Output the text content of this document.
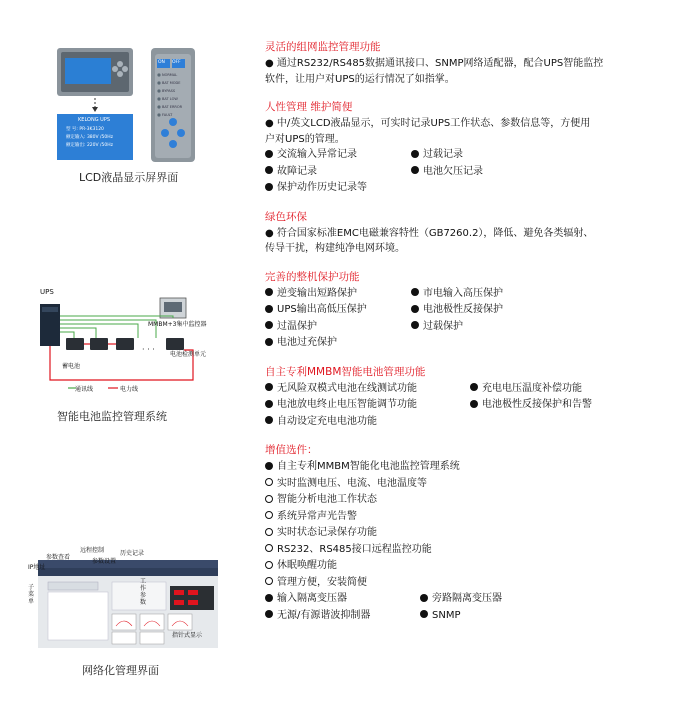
KELONG UPS
型 号: PR-3K3120
额定输入: 380V /50Hz
额定输出: 220V /50Hz
ON OFF
NORMAL
BAT MODE
BYPASS
BAT LOW
BAT ERROR
FAULT
LCD液晶显示屏界面
UPS
MMBM+3集中监控器
电池检测单元
· · ·
蓄电池
通讯线	电力线
智能电池监控管理系统
IP地址
参数查看
远程控制
参数设置
历史记录
子菜单
工作参数
指针式显示
网络化管理界面
灵活的组网监控管理功能
● 通过RS232/RS485数据通讯接口、SNMP网络适配器，配合UPS智能监控
软件，让用户对UPS的运行情况了如指掌。
人性管理 维护简便
● 中/英文LCD液晶显示，可实时记录UPS工作状态、参数信息等，方便用
户对UPS的管理。
交流输入异常记录	过载记录
故障记录	电池欠压记录
保护动作历史记录等
绿色环保
● 符合国家标准EMC电磁兼容特性（GB7260.2），降低、避免各类辐射、
传导干扰，构建纯净电网环境。
完善的整机保护功能
逆变输出短路保护	市电输入高压保护
UPS输出高低压保护	电池极性反接保护
过温保护	过载保护
电池过充保护
自主专利MMBM智能电池管理功能
无风险双模式电池在线测试功能	充电电压温度补偿功能
电池放电终止电压智能调节功能	电池极性反接保护和告警
自动设定充电电池功能
增值选件：
自主专利MMBM智能化电池监控管理系统
实时监测电压、电流、电池温度等
智能分析电池工作状态
系统异常声光告警
实时状态记录保存功能
RS232、RS485接口远程监控功能
休眠唤醒功能
管理方便，安装简便
输入隔离变压器	旁路隔离变压器
无源/有源谐波抑制器	SNMP
